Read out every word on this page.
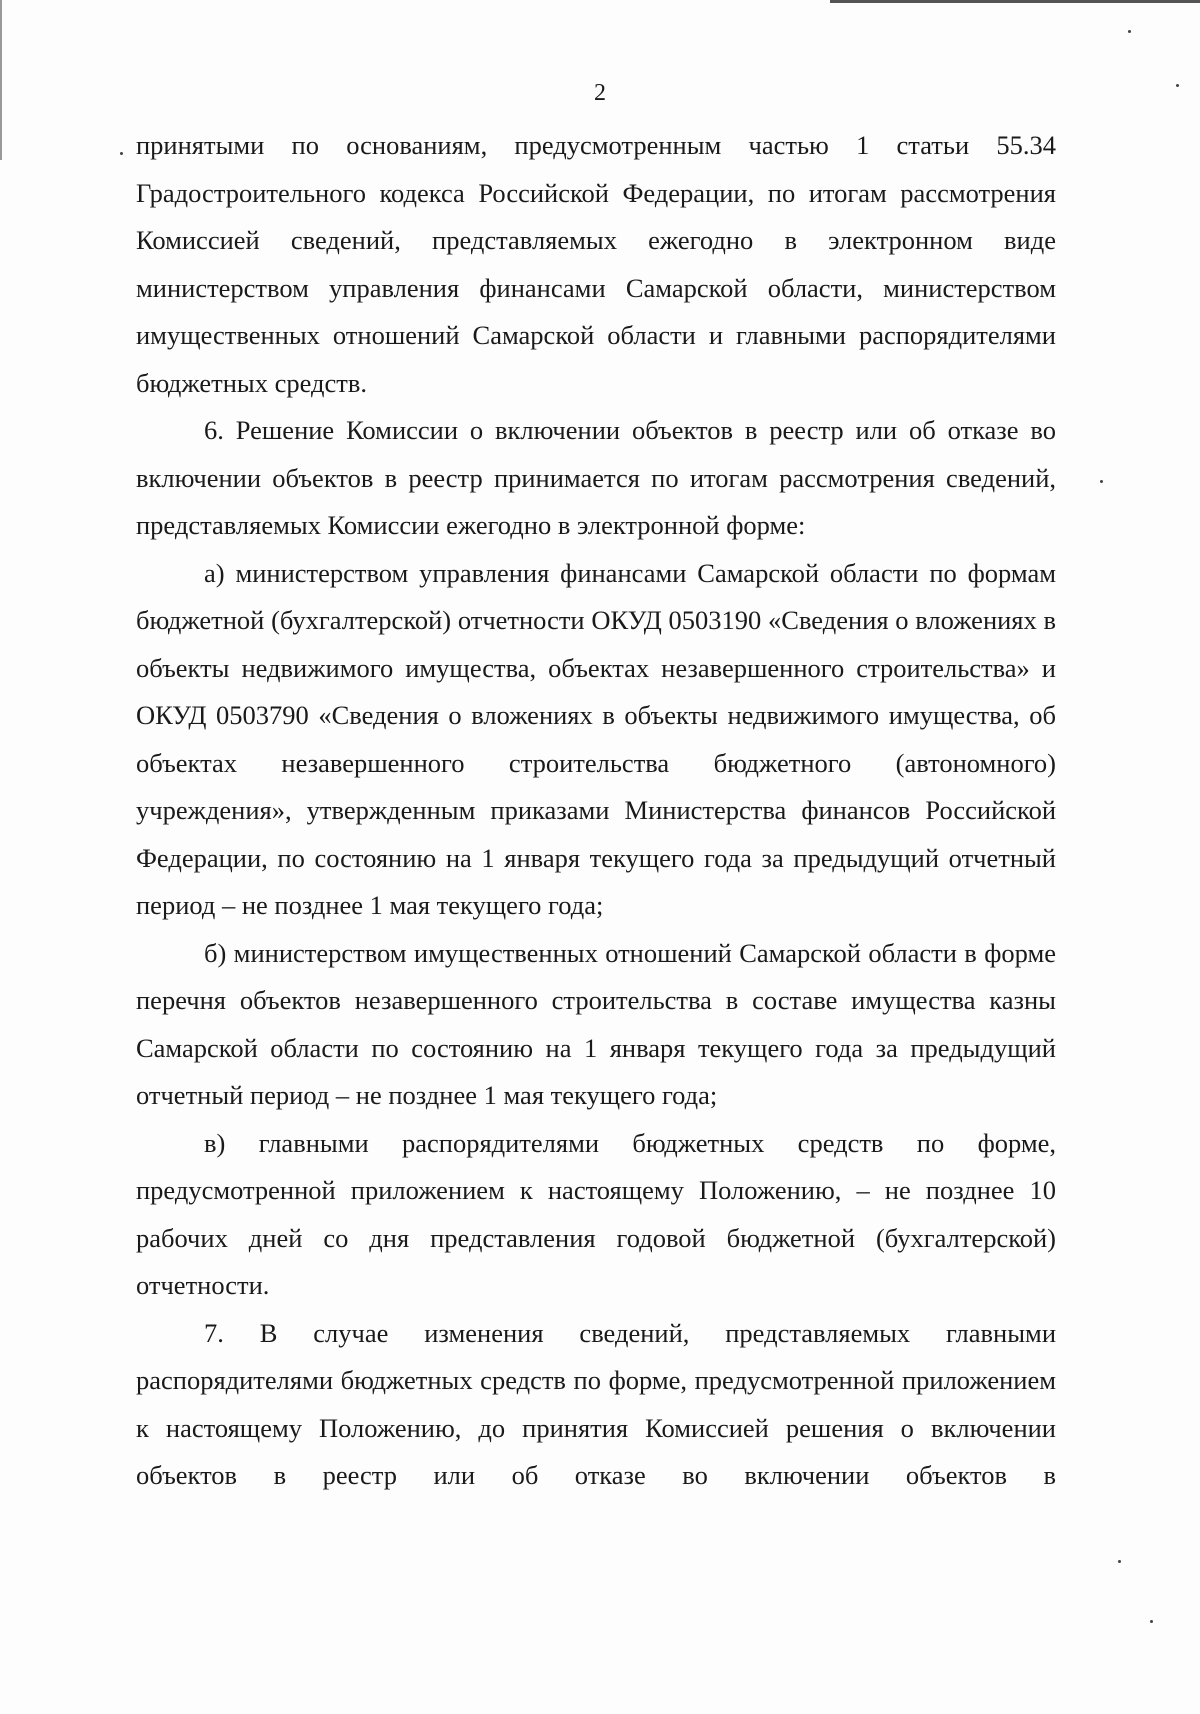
2

принятыми по основаниям, предусмотренным частью 1 статьи 55.34 Градостроительного кодекса Российской Федерации, по итогам рассмотрения Комиссией сведений, представляемых ежегодно в электронном виде министерством управления финансами Самарской области, министерством имущественных отношений Самарской области и главными распорядителями бюджетных средств.

6. Решение Комиссии о включении объектов в реестр или об отказе во включении объектов в реестр принимается по итогам рассмотрения сведений, представляемых Комиссии ежегодно в электронной форме:

а) министерством управления финансами Самарской области по формам бюджетной (бухгалтерской) отчетности ОКУД 0503190 «Сведения о вложениях в объекты недвижимого имущества, объектах незавершенного строительства» и ОКУД 0503790 «Сведения о вложениях в объекты недвижимого имущества, об объектах незавершенного строительства бюджетного (автономного) учреждения», утвержденным приказами Министерства финансов Российской Федерации, по состоянию на 1 января текущего года за предыдущий отчетный период – не позднее 1 мая текущего года;

б) министерством имущественных отношений Самарской области в форме перечня объектов незавершенного строительства в составе имущества казны Самарской области по состоянию на 1 января текущего года за предыдущий отчетный период – не позднее 1 мая текущего года;

в) главными распорядителями бюджетных средств по форме, предусмотренной приложением к настоящему Положению, – не позднее 10 рабочих дней со дня представления годовой бюджетной (бухгалтерской) отчетности.

7. В случае изменения сведений, представляемых главными распорядителями бюджетных средств по форме, предусмотренной приложением к настоящему Положению, до принятия Комиссией решения о включении объектов в реестр или об отказе во включении объектов в
